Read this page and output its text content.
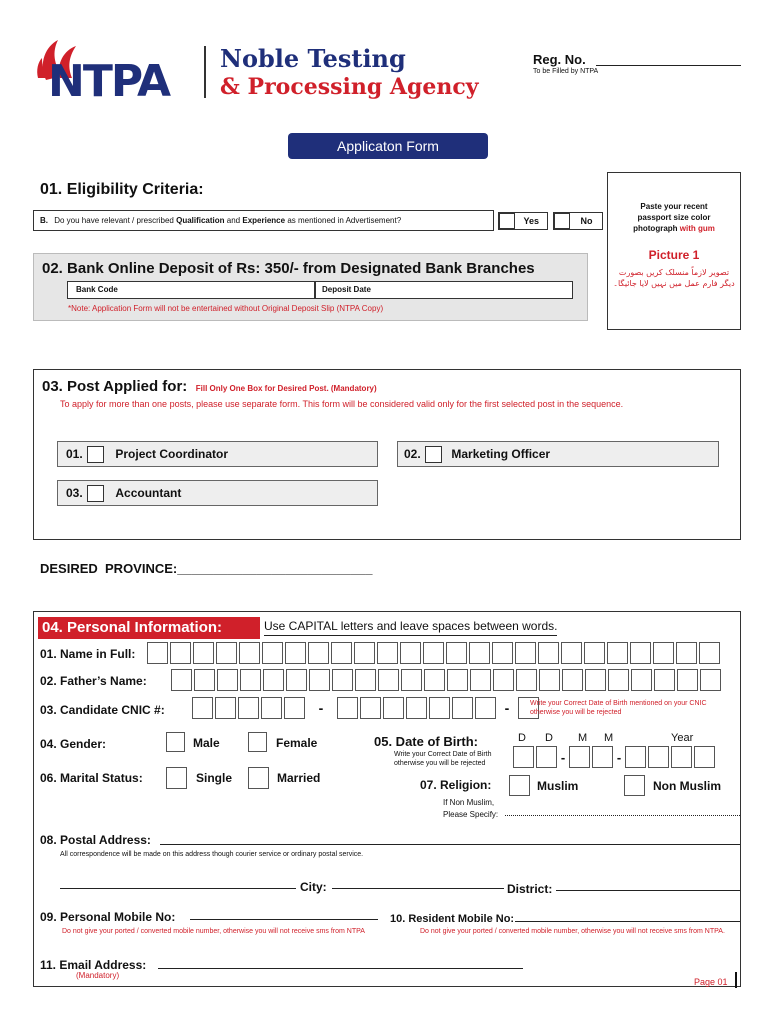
NTPA Noble Testing
& Processing Agency
Reg. No.
To be Filled by NTPA
Applicaton Form
Paste your recent
passport size color
photograph with gum
Picture 1
تصویر لازماً منسلک کریں بصورت
دیگر فارم عمل میں نہیں لایا جائیگا۔
01. Eligibility Criteria:
B. Do you have relevant / prescribed Qualification and Experience as mentioned in Advertisement?	Yes	No
02. Bank Online Deposit of Rs: 350/- from Designated Bank Branches
Bank Code	Deposit Date
*Note: Application Form will not be entertained without Original Deposit Slip (NTPA Copy)
03. Post Applied for: Fill Only One Box for Desired Post. (Mandatory)
To apply for more than one posts, please use separate form. This form will be considered valid only for the first selected post in the sequence.
01.	Project Coordinator	02.	Marketing Officer
03.	Accountant
DESIRED  PROVINCE:___________________________
04. Personal Information:	Use CAPITAL letters and leave spaces between words.
01. Name in Full:
02. Father’s Name:
03. Candidate CNIC #:	-	-	Write your Correct Date of Birth mentioned on your CNIC
otherwise you will be rejected
04. Gender:	Male	Female	05. Date of Birth:
Write your Correct Date of Birth
otherwise you will be rejected
D D M M	Year
-	-
06. Marital Status:	Single	Married	07. Religion:	Muslim	Non Muslim
If Non Muslim,
Please Specify:
08. Postal Address:
All correspondence will be made on this address though courier service or ordinary postal service.
City:	District:
09. Personal Mobile No:
Do not give your ported / converted mobile number, otherwise you will not receive sms from NTPA
10. Resident Mobile No:
Do not give your ported / converted mobile number, otherwise you will not receive sms from NTPA.
11. Email Address:
(Mandatory)
Page 01
